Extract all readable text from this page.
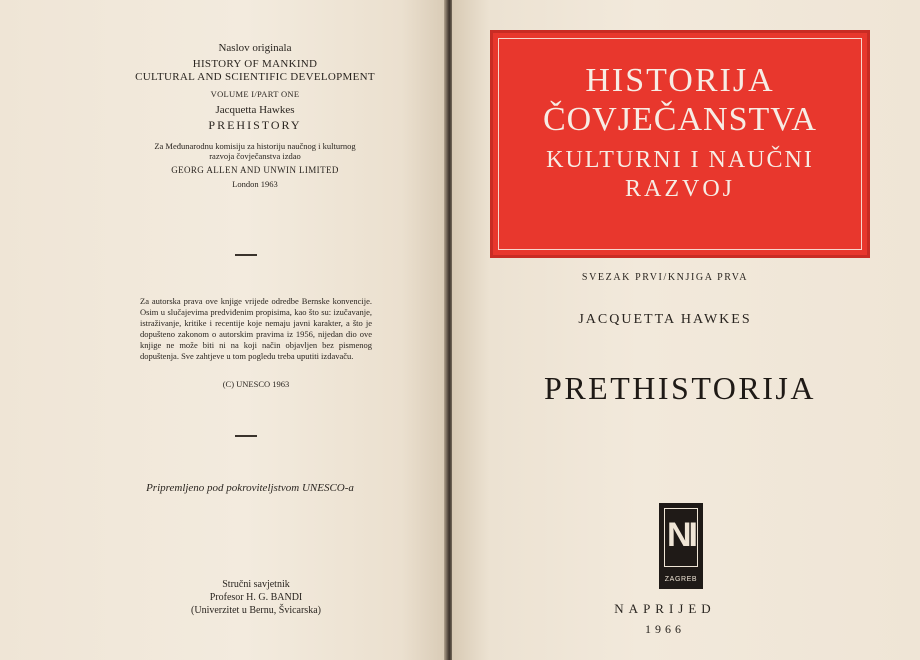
Naslov originala
HISTORY OF MANKIND
CULTURAL AND SCIENTIFIC DEVELOPMENT
VOLUME I/PART ONE
Jacquetta Hawkes
PREHISTORY
Za Međunarodnu komisiju za historiju naučnog i kulturnog razvoja čovječanstva izdao
GEORG ALLEN AND UNWIN LIMITED
London 1963
Za autorska prava ove knjige vrijede odredbe Bernske konvencije. Osim u slučajevima predviđenim propisima, kao što su: izučavanje, istraživanje, kritike i recentije koje nemaju javni karakter, a što je dopušteno zakonom o autorskim pravima iz 1956, nijedan dio ove knjige ne može biti ni na koji način objavljen bez pismenog dopuštenja. Sve zahtjeve u tom pogledu treba uputiti izdavaču.
(C) UNESCO 1963
Pripremljeno pod pokroviteljstvom UNESCO-a
Stručni savjetnik
Profesor H. G. BANDI
(Univerzitet u Bernu, Švicarska)
HISTORIJA
ČOVJEČANSTVA
KULTURNI I NAUČNI
RAZVOJ
SVEZAK PRVI/KNJIGA PRVA
JACQUETTA HAWKES
PRETHISTORIJA
NI
ZAGREB
NAPRIJED
1966
